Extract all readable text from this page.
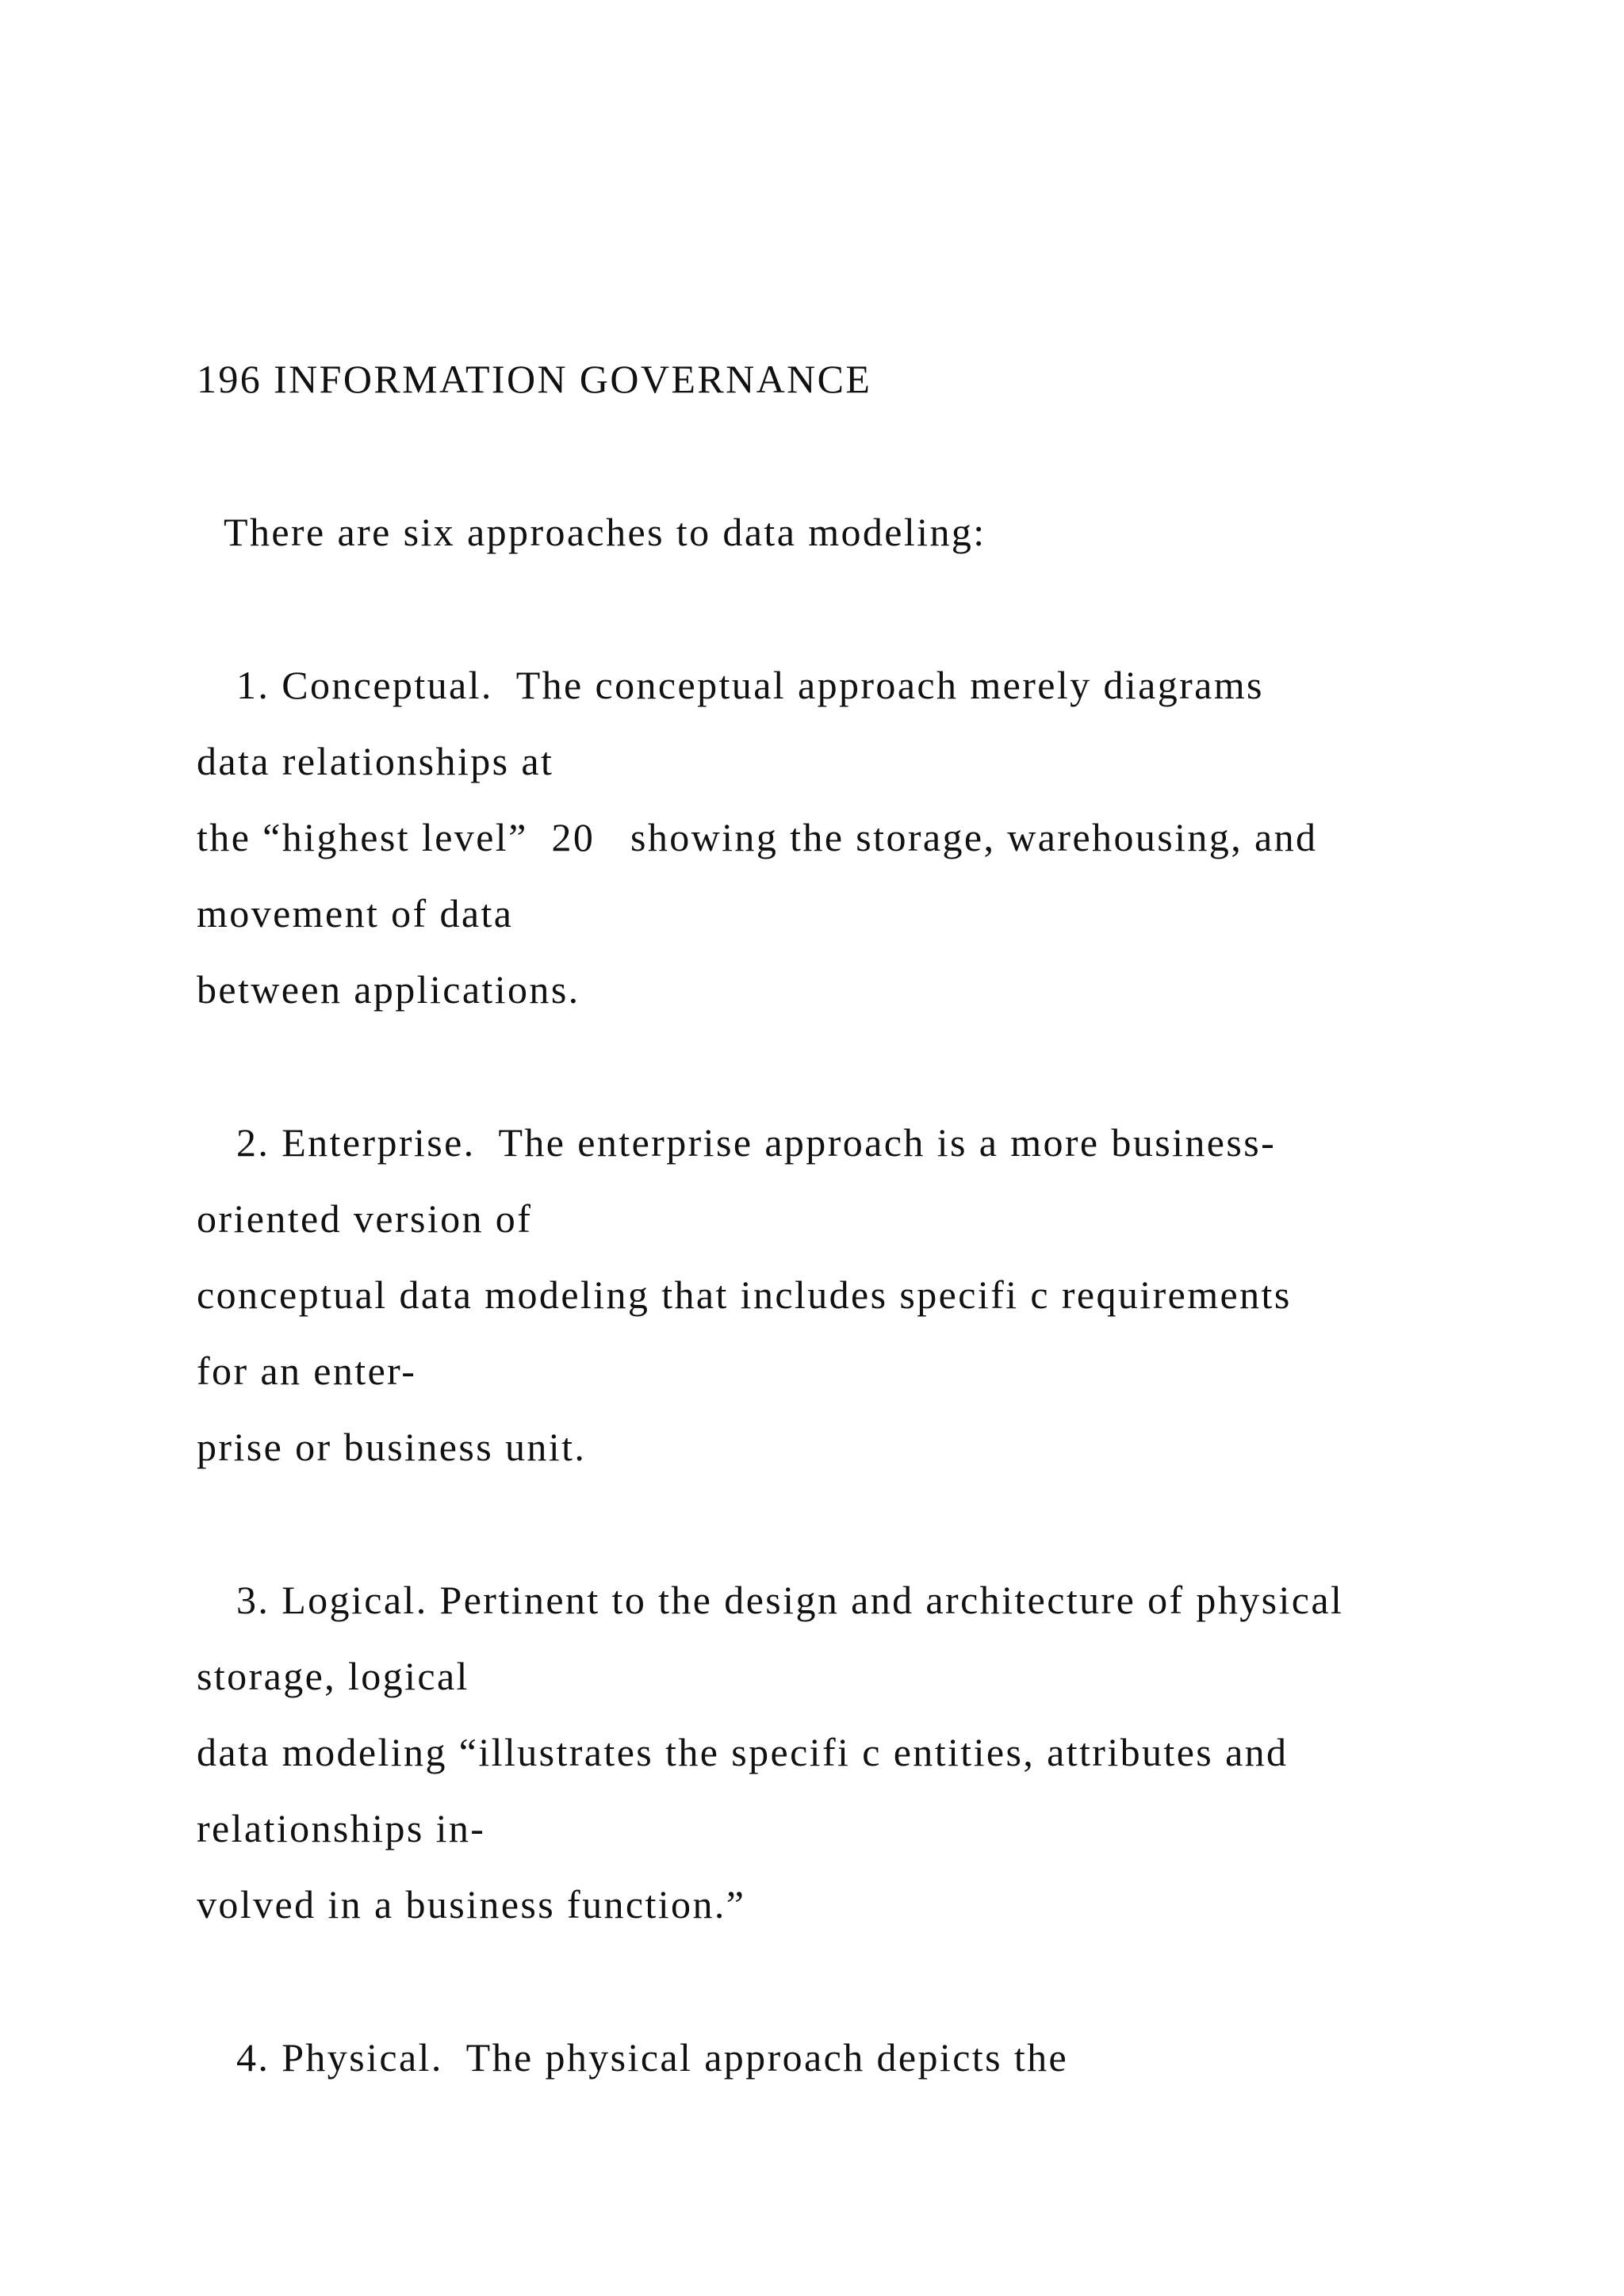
196 INFORMATION GOVERNANCE

There are six approaches to data modeling:

1. Conceptual.  The conceptual approach merely diagrams

data relationships at

the “highest level”  20   showing the storage, warehousing, and

movement of data

between applications.

2. Enterprise.  The enterprise approach is a more business-

oriented version of

conceptual data modeling that includes specifi c requirements

for an enter-

prise or business unit.

3. Logical. Pertinent to the design and architecture of physical

storage, logical

data modeling “illustrates the specifi c entities, attributes and

relationships in-

volved in a business function.”

4. Physical.  The physical approach depicts the
